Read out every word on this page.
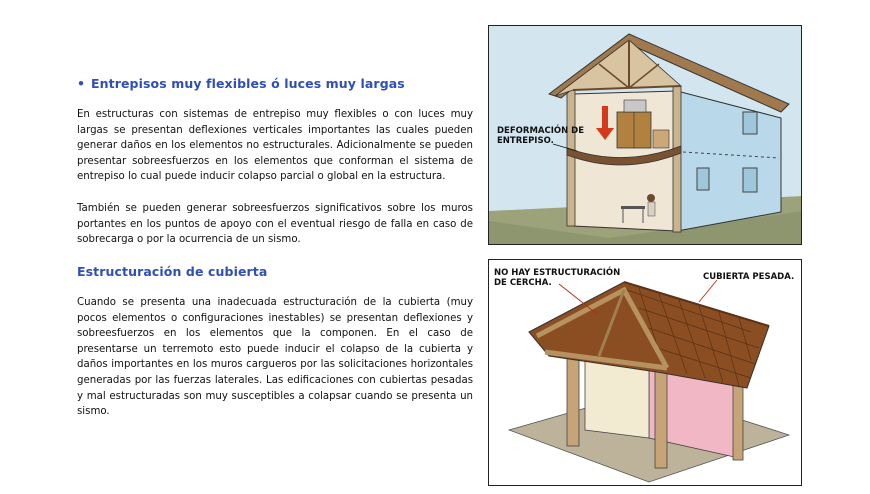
• Entrepisos muy flexibles ó luces muy largas

En estructuras con sistemas de entrepiso muy flexibles o con luces muy largas se presentan deflexiones verticales importantes las cuales pueden generar daños en los elementos no estructurales. Adicionalmente se pueden presentar sobreesfuerzos en los elementos que conforman el sistema de entrepiso lo cual puede inducir colapso parcial o global en la estructura.

También se pueden generar sobreesfuerzos significativos sobre los muros portantes en los puntos de apoyo con el eventual riesgo de falla en caso de sobrecarga o por la ocurrencia de un sismo.

Estructuración de cubierta

Cuando se presenta una inadecuada estructuración de la cubierta (muy pocos elementos o configuraciones inestables) se presentan deflexiones y sobreesfuerzos en los elementos que la componen. En el caso de presentarse un terremoto esto puede inducir el colapso de la cubierta y daños importantes en los muros cargueros por las solicitaciones horizontales generadas por las fuerzas laterales. Las edificaciones con cubiertas pesadas y mal estructuradas son muy susceptibles a colapsar cuando se presenta un sismo.

DEFORMACIÓN DE
ENTREPISO.
NO HAY ESTRUCTURACIÓN
DE CERCHA.
CUBIERTA PESADA.
